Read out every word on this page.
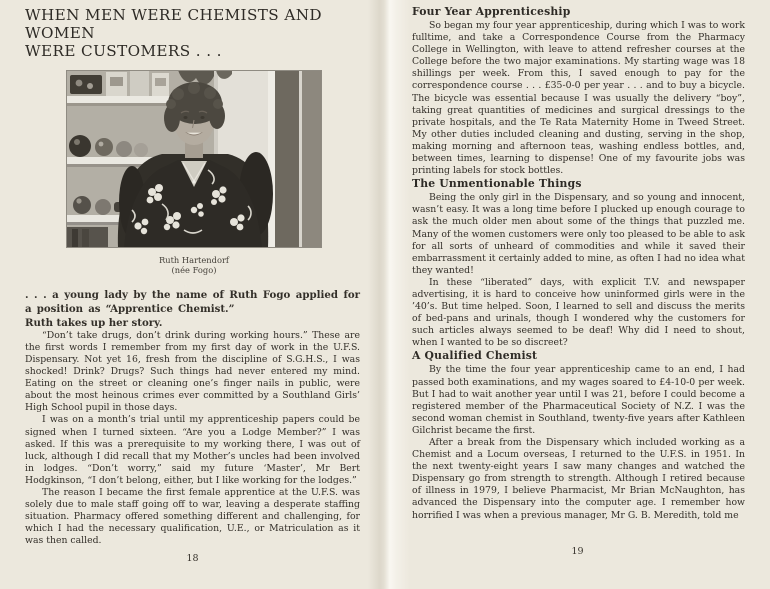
WHEN MEN WERE CHEMISTS AND WOMEN
WERE CUSTOMERS . . .
Ruth Hartendorf
(née Fogo)

. . . a young lady by the name of Ruth Fogo applied for a position as “Apprentice Chemist.”

Ruth takes up her story.

“Don’t take drugs, don’t drink during working hours.” These are the first words I remember from my first day of work in the U.F.S. Dispensary. Not yet 16, fresh from the discipline of S.G.H.S., I was shocked! Drink? Drugs? Such things had never entered my mind. Eating on the street or cleaning one’s finger nails in public, were about the most heinous crimes ever committed by a Southland Girls’ High School pupil in those days.

I was on a month’s trial until my apprenticeship papers could be signed when I turned sixteen. “Are you a Lodge Member?” I was asked. If this was a prerequisite to my working there, I was out of luck, although I did recall that my Mother’s uncles had been involved in lodges. “Don’t worry,” said my future ‘Master’, Mr Bert Hodgkinson, “I don’t belong, either, but I like working for the lodges.”

The reason I became the first female apprentice at the U.F.S. was solely due to male staff going off to war, leaving a desperate staffing situation. Pharmacy offered something different and challenging, for which I had the necessary qualification, U.E., or Matriculation as it was then called.

18
Four Year Apprenticeship

So began my four year apprenticeship, during which I was to work fulltime, and take a Correspondence Course from the Pharmacy College in Wellington, with leave to attend refresher courses at the College before the two major examinations. My starting wage was 18 shillings per week. From this, I saved enough to pay for the correspondence course . . . £35-0-0 per year . . . and to buy a bicycle. The bicycle was essential because I was usually the delivery “boy”, taking great quantities of medicines and surgical dressings to the private hospitals, and the Te Rata Maternity Home in Tweed Street. My other duties included cleaning and dusting, serving in the shop, making morning and afternoon teas, washing endless bottles, and, between times, learning to dispense! One of my favourite jobs was printing labels for stock bottles.

The Unmentionable Things

Being the only girl in the Dispensary, and so young and innocent, wasn’t easy. It was a long time before I plucked up enough courage to ask the much older men about some of the things that puzzled me. Many of the women customers were only too pleased to be able to ask for all sorts of unheard of commodities and while it saved their embarrassment it certainly added to mine, as often I had no idea what they wanted!

In these “liberated” days, with explicit T.V. and newspaper advertising, it is hard to conceive how uninformed girls were in the ’40’s. But time helped. Soon, I learned to sell and discuss the merits of bed-pans and urinals, though I wondered why the customers for such articles always seemed to be deaf! Why did I need to shout, when I wanted to be so discreet?

A Qualified Chemist

By the time the four year apprenticeship came to an end, I had passed both examinations, and my wages soared to £4-10-0 per week. But I had to wait another year until I was 21, before I could become a registered member of the Pharmaceutical Society of N.Z. I was the second woman chemist in Southland, twenty-five years after Kathleen Gilchrist became the first.

After a break from the Dispensary which included working as a Chemist and a Locum overseas, I returned to the U.F.S. in 1951. In the next twenty-eight years I saw many changes and watched the Dispensary go from strength to strength. Although I retired because of illness in 1979, I believe Pharmacist, Mr Brian McNaughton, has advanced the Dispensary into the computer age. I remember how horrified I was when a previous manager, Mr G. B. Meredith, told me

19
